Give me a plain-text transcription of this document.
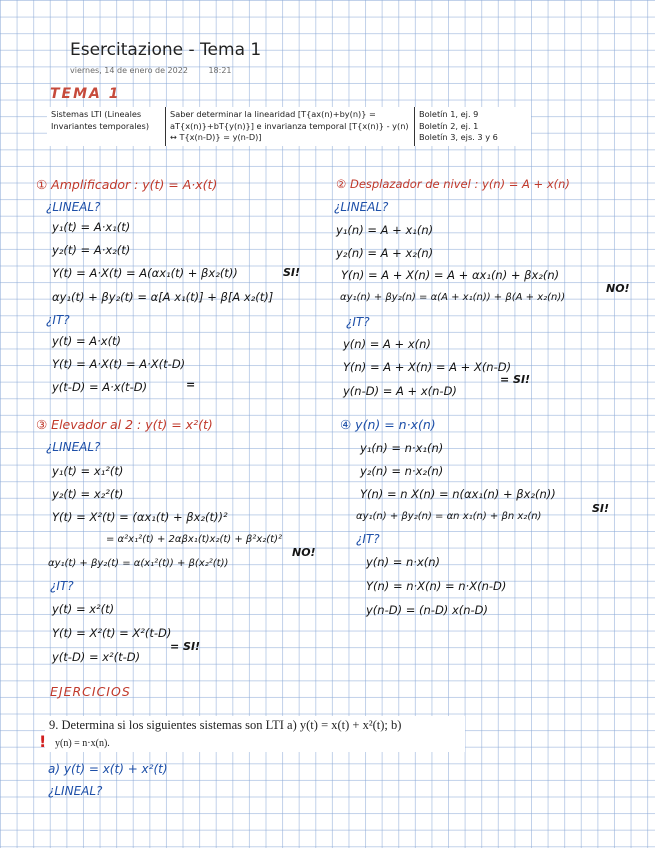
Esercitazione - Tema 1
viernes, 14 de enero de 2022	18:21
TEMA 1
Sistemas LTI (Lineales
Invariantes temporales)

Saber determinar la linearidad [T{ax(n)+by(n)} =
aT{x(n)}+bT{y(n)}] e invarianza temporal [T{x(n)} - y(n)
↔ T{x(n-D)} = y(n-D)]

Boletín 1, ej. 9
Boletín 2, ej. 1
Boletín 3, ejs. 3 y 6
① Amplificador : y(t) = A·x(t)
¿LINEAL?
y₁(t) = A·x₁(t)
y₂(t) = A·x₂(t)
Y(t) = A·X(t) = A(αx₁(t) + βx₂(t))	SI!
αy₁(t) + βy₂(t) = α[A x₁(t)] + β[A x₂(t)]
¿IT?
y(t) = A·x(t)
Y(t) = A·X(t) = A·X(t-D)
y(t-D) = A·x(t-D)	=
② Desplazador de nivel : y(n) = A + x(n)
¿LINEAL?
y₁(n) = A + x₁(n)
y₂(n) = A + x₂(n)
Y(n) = A + X(n) = A + αx₁(n) + βx₂(n)
NO!
αy₁(n) + βy₂(n) = α(A + x₁(n)) + β(A + x₂(n))
¿IT?
y(n) = A + x(n)
Y(n) = A + X(n) = A + X(n-D)
y(n-D) = A + x(n-D)
= SI!
③ Elevador al 2 : y(t) = x²(t)
¿LINEAL?
y₁(t) = x₁²(t)
y₂(t) = x₂²(t)
Y(t) = X²(t) = (αx₁(t) + βx₂(t))²
= α²x₁²(t) + 2αβx₁(t)x₂(t) + β²x₂(t)²
αy₁(t) + βy₂(t) = α(x₁²(t)) + β(x₂²(t))
NO!
¿IT?
y(t) = x²(t)
Y(t) = X²(t) = X²(t-D)
y(t-D) = x²(t-D)
= SI!
④ y(n) = n·x(n)
y₁(n) = n·x₁(n)
y₂(n) = n·x₂(n)
Y(n) = n X(n) = n(αx₁(n) + βx₂(n))
αy₁(n) + βy₂(n) = αn x₁(n) + βn x₂(n)
SI!
¿IT?
y(n) = n·x(n)
Y(n) = n·X(n) = n·X(n-D)
y(n-D) = (n-D) x(n-D)
EJERCICIOS
9. Determina si los siguientes sistemas son LTI a) y(t) = x(t) + x²(t); b)
! y(n) = n·x(n).
a) y(t) = x(t) + x²(t)
¿LINEAL?
